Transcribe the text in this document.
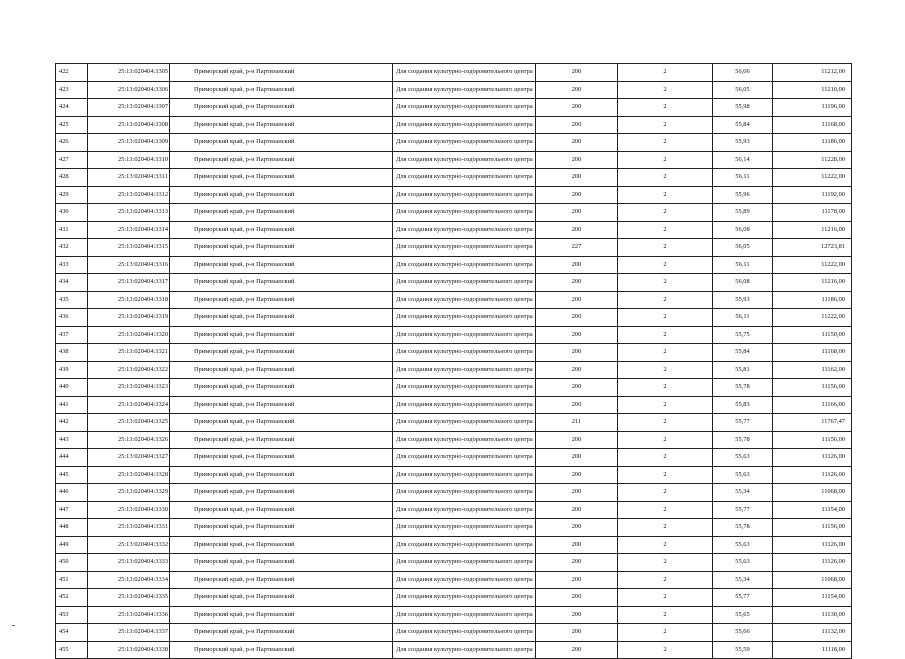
422	25:13:020404:3305	Приморский край, р-н Партизанский	Для создания культурно-оздоровительного центра	200	2	56,06	11212,00
423	25:13:020404:3306	Приморский край, р-н Партизанский	Для создания культурно-оздоровительного центра	200	2	56,05	11210,00
424	25:13:020404:3307	Приморский край, р-н Партизанский	Для создания культурно-оздоровительного центра	200	2	55,98	11196,00
425	25:13:020404:3308	Приморский край, р-н Партизанский	Для создания культурно-оздоровительного центра	200	2	55,84	11168,00
426	25:13:020404:3309	Приморский край, р-н Партизанский	Для создания культурно-оздоровительного центра	200	2	55,93	11186,00
427	25:13:020404:3310	Приморский край, р-н Партизанский	Для создания культурно-оздоровительного центра	200	2	56,14	11228,00
428	25:13:020404:3311	Приморский край, р-н Партизанский	Для создания культурно-оздоровительного центра	200	2	56,11	11222,00
429	25:13:020404:3312	Приморский край, р-н Партизанский	Для создания культурно-оздоровительного центра	200	2	55,96	11192,00
430	25:13:020404:3313	Приморский край, р-н Партизанский	Для создания культурно-оздоровительного центра	200	2	55,89	11178,00
431	25:13:020404:3314	Приморский край, р-н Партизанский	Для создания культурно-оздоровительного центра	200	2	56,08	11216,00
432	25:13:020404:3315	Приморский край, р-н Партизанский	Для создания культурно-оздоровительного центра	227	2	56,05	12723,81
433	25:13:020404:3316	Приморский край, р-н Партизанский	Для создания культурно-оздоровительного центра	200	2	56,11	11222,00
434	25:13:020404:3317	Приморский край, р-н Партизанский	Для создания культурно-оздоровительного центра	200	2	56,08	11216,00
435	25:13:020404:3318	Приморский край, р-н Партизанский	Для создания культурно-оздоровительного центра	200	2	55,93	11186,00
436	25:13:020404:3319	Приморский край, р-н Партизанский	Для создания культурно-оздоровительного центра	200	2	56,11	11222,00
437	25:13:020404:3320	Приморский край, р-н Партизанский	Для создания культурно-оздоровительного центра	200	2	55,75	11150,00
438	25:13:020404:3321	Приморский край, р-н Партизанский	Для создания культурно-оздоровительного центра	200	2	55,84	11168,00
439	25:13:020404:3322	Приморский край, р-н Партизанский	Для создания культурно-оздоровительного центра	200	2	55,81	11162,00
440	25:13:020404:3323	Приморский край, р-н Партизанский	Для создания культурно-оздоровительного центра	200	2	55,78	11156,00
441	25:13:020404:3324	Приморский край, р-н Партизанский	Для создания культурно-оздоровительного центра	200	2	55,83	11166,00
442	25:13:020404:3325	Приморский край, р-н Партизанский	Для создания культурно-оздоровительного центра	211	2	55,77	11767,47
443	25:13:020404:3326	Приморский край, р-н Партизанский	Для создания культурно-оздоровительного центра	200	2	55,78	11156,00
444	25:13:020404:3327	Приморский край, р-н Партизанский	Для создания культурно-оздоровительного центра	200	2	55,63	11126,00
445	25:13:020404:3328	Приморский край, р-н Партизанский	Для создания культурно-оздоровительного центра	200	2	55,63	11126,00
446	25:13:020404:3329	Приморский край, р-н Партизанский	Для создания культурно-оздоровительного центра	200	2	55,34	11068,00
447	25:13:020404:3330	Приморский край, р-н Партизанский	Для создания культурно-оздоровительного центра	200	2	55,77	11154,00
448	25:13:020404:3331	Приморский край, р-н Партизанский	Для создания культурно-оздоровительного центра	200	2	55,78	11156,00
449	25:13:020404:3332	Приморский край, р-н Партизанский	Для создания культурно-оздоровительного центра	200	2	55,63	11126,00
450	25:13:020404:3333	Приморский край, р-н Партизанский	Для создания культурно-оздоровительного центра	200	2	55,63	11126,00
451	25:13:020404:3334	Приморский край, р-н Партизанский	Для создания культурно-оздоровительного центра	200	2	55,34	11068,00
452	25:13:020404:3335	Приморский край, р-н Партизанский	Для создания культурно-оздоровительного центра	200	2	55,77	11154,00
453	25:13:020404:3336	Приморский край, р-н Партизанский	Для создания культурно-оздоровительного центра	200	2	55,65	11130,00
454	25:13:020404:3337	Приморский край, р-н Партизанский	Для создания культурно-оздоровительного центра	200	2	55,66	11132,00
455	25:13:020404:3338	Приморский край, р-н Партизанский	Для создания культурно-оздоровительного центра	200	2	55,59	11118,00
